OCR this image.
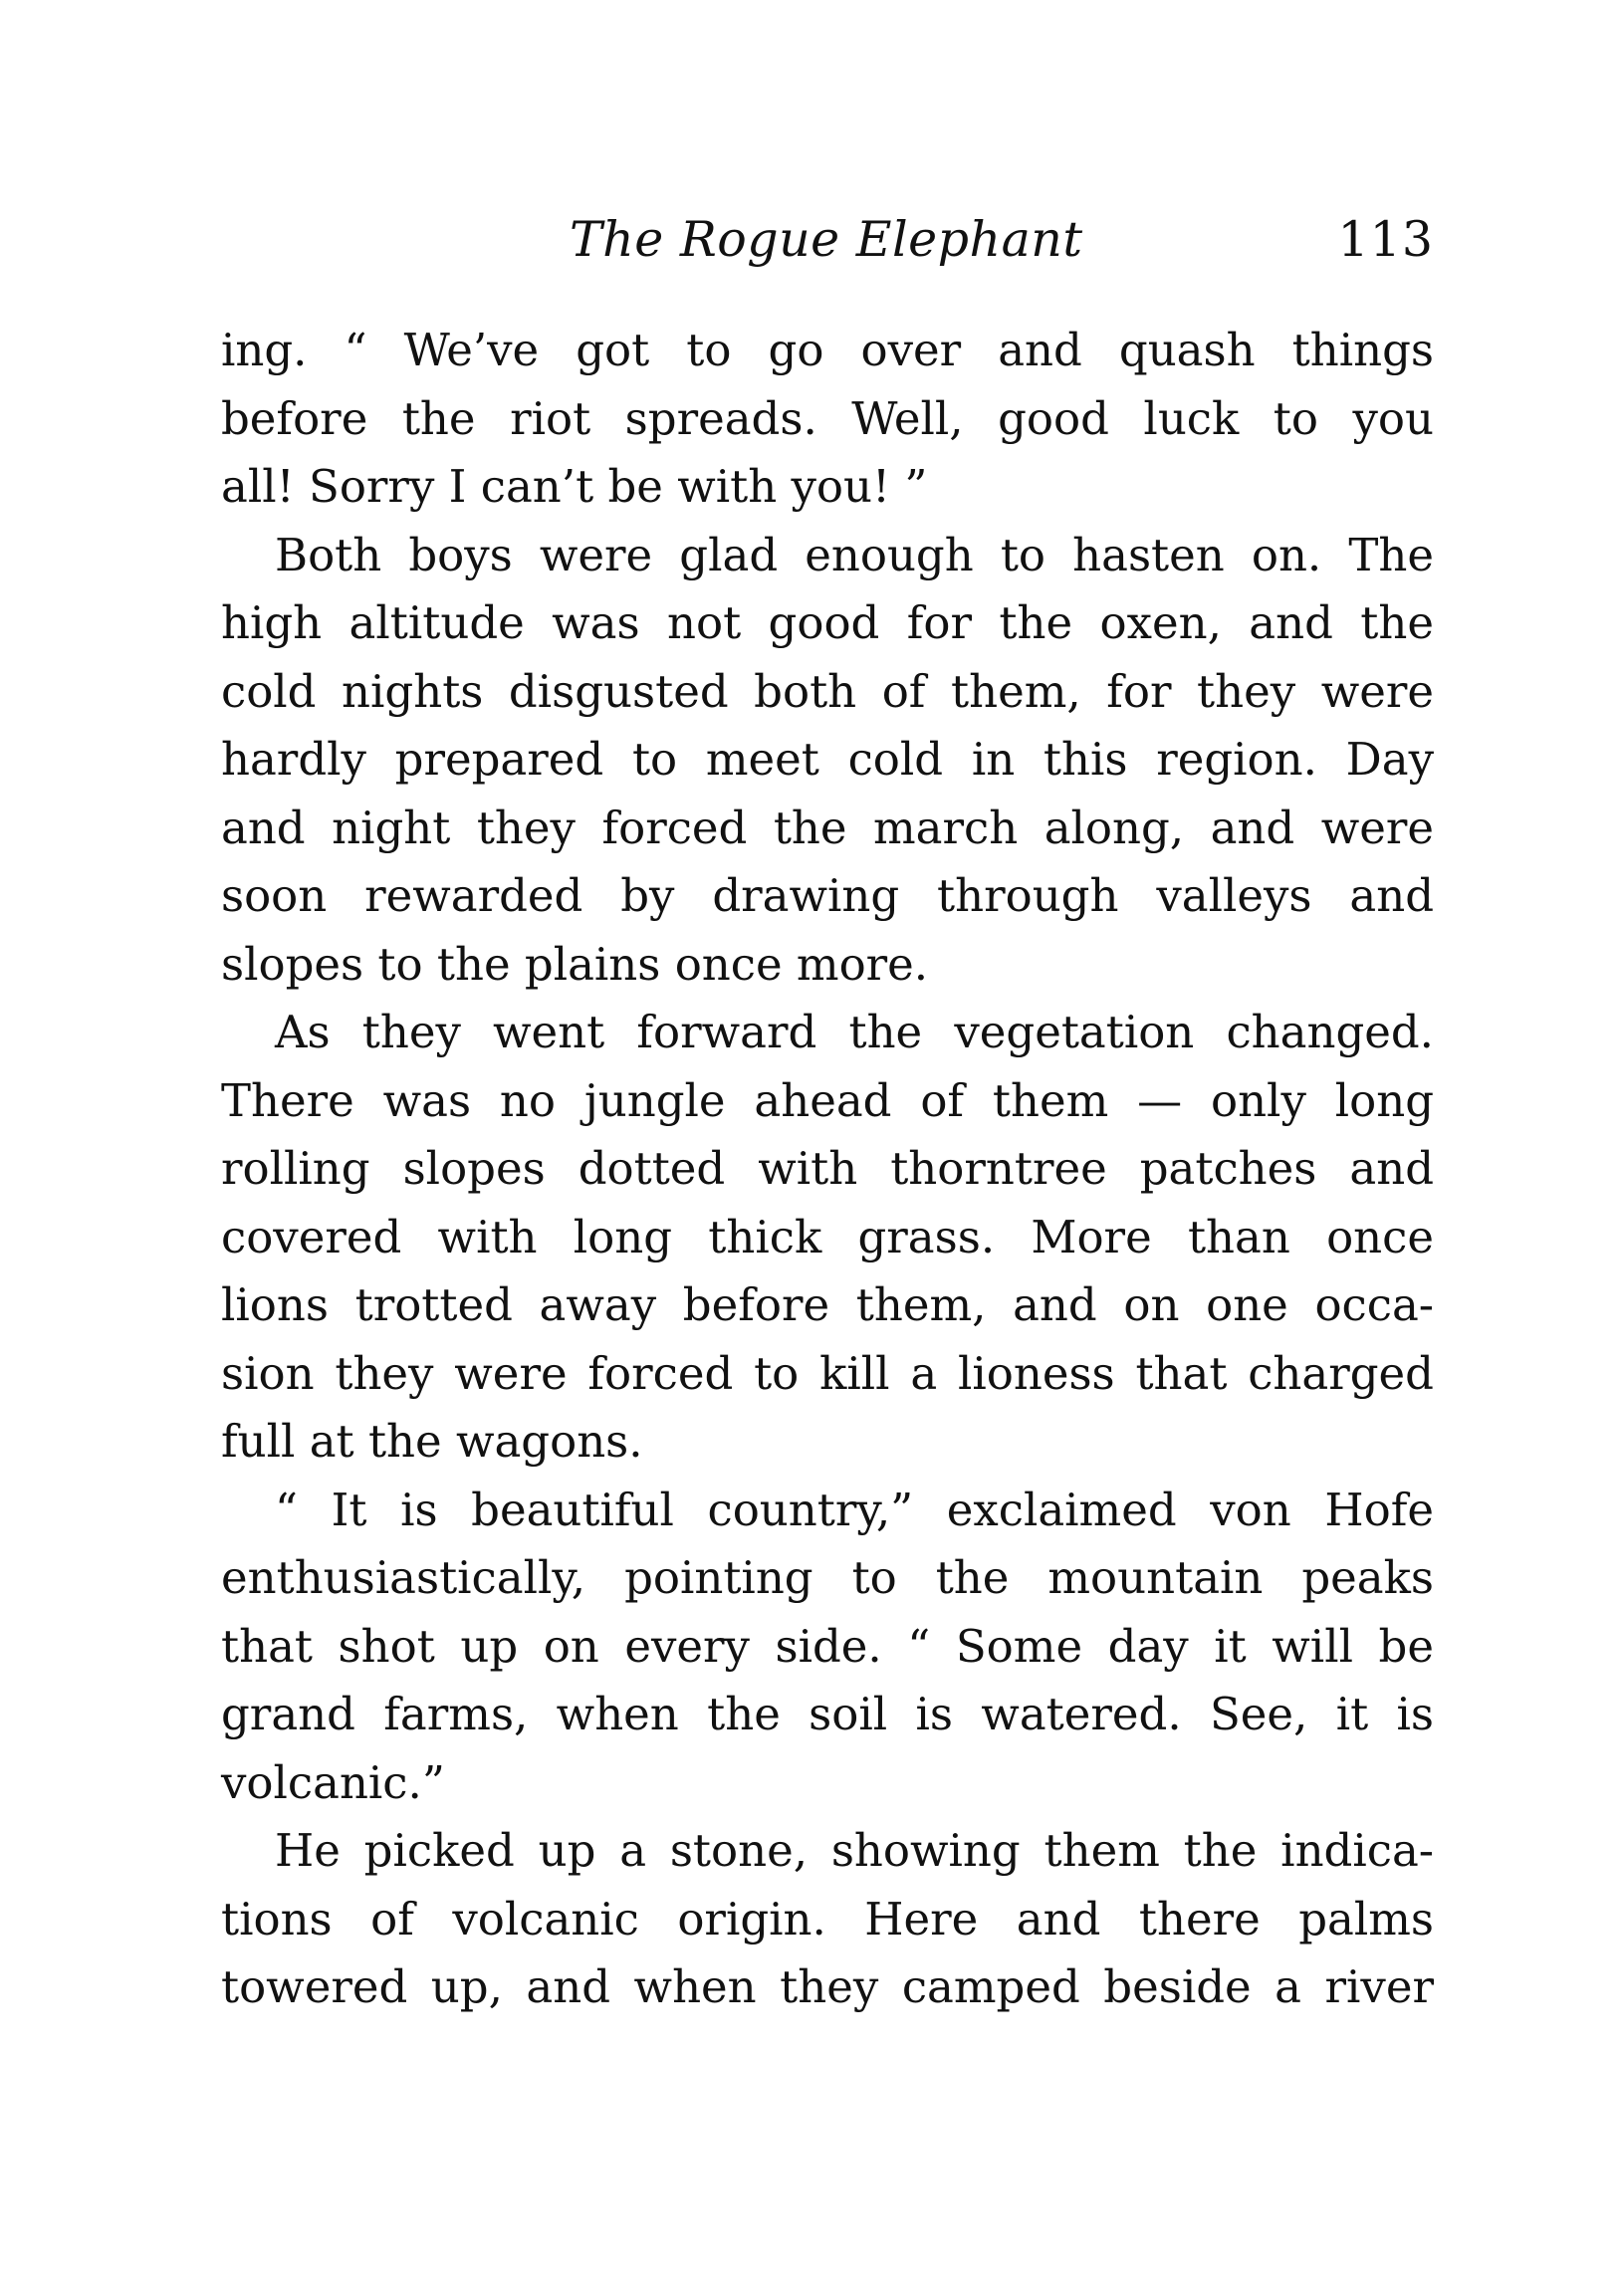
The Rogue Elephant	113
ing. “ We’ve got to go over and quash things
before the riot spreads. Well, good luck to you
all! Sorry I can’t be with you! ”
Both boys were glad enough to hasten on. The
high altitude was not good for the oxen, and the
cold nights disgusted both of them, for they were
hardly prepared to meet cold in this region. Day
and night they forced the march along, and were
soon rewarded by drawing through valleys and
slopes to the plains once more.
As they went forward the vegetation changed.
There was no jungle ahead of them — only long
rolling slopes dotted with thorntree patches and
covered with long thick grass. More than once
lions trotted away before them, and on one occa-
sion they were forced to kill a lioness that charged
full at the wagons.
“ It is beautiful country,” exclaimed von Hofe
enthusiastically, pointing to the mountain peaks
that shot up on every side. “ Some day it will be
grand farms, when the soil is watered. See, it is
volcanic.”
He picked up a stone, showing them the indica-
tions of volcanic origin. Here and there palms
towered up, and when they camped beside a river
